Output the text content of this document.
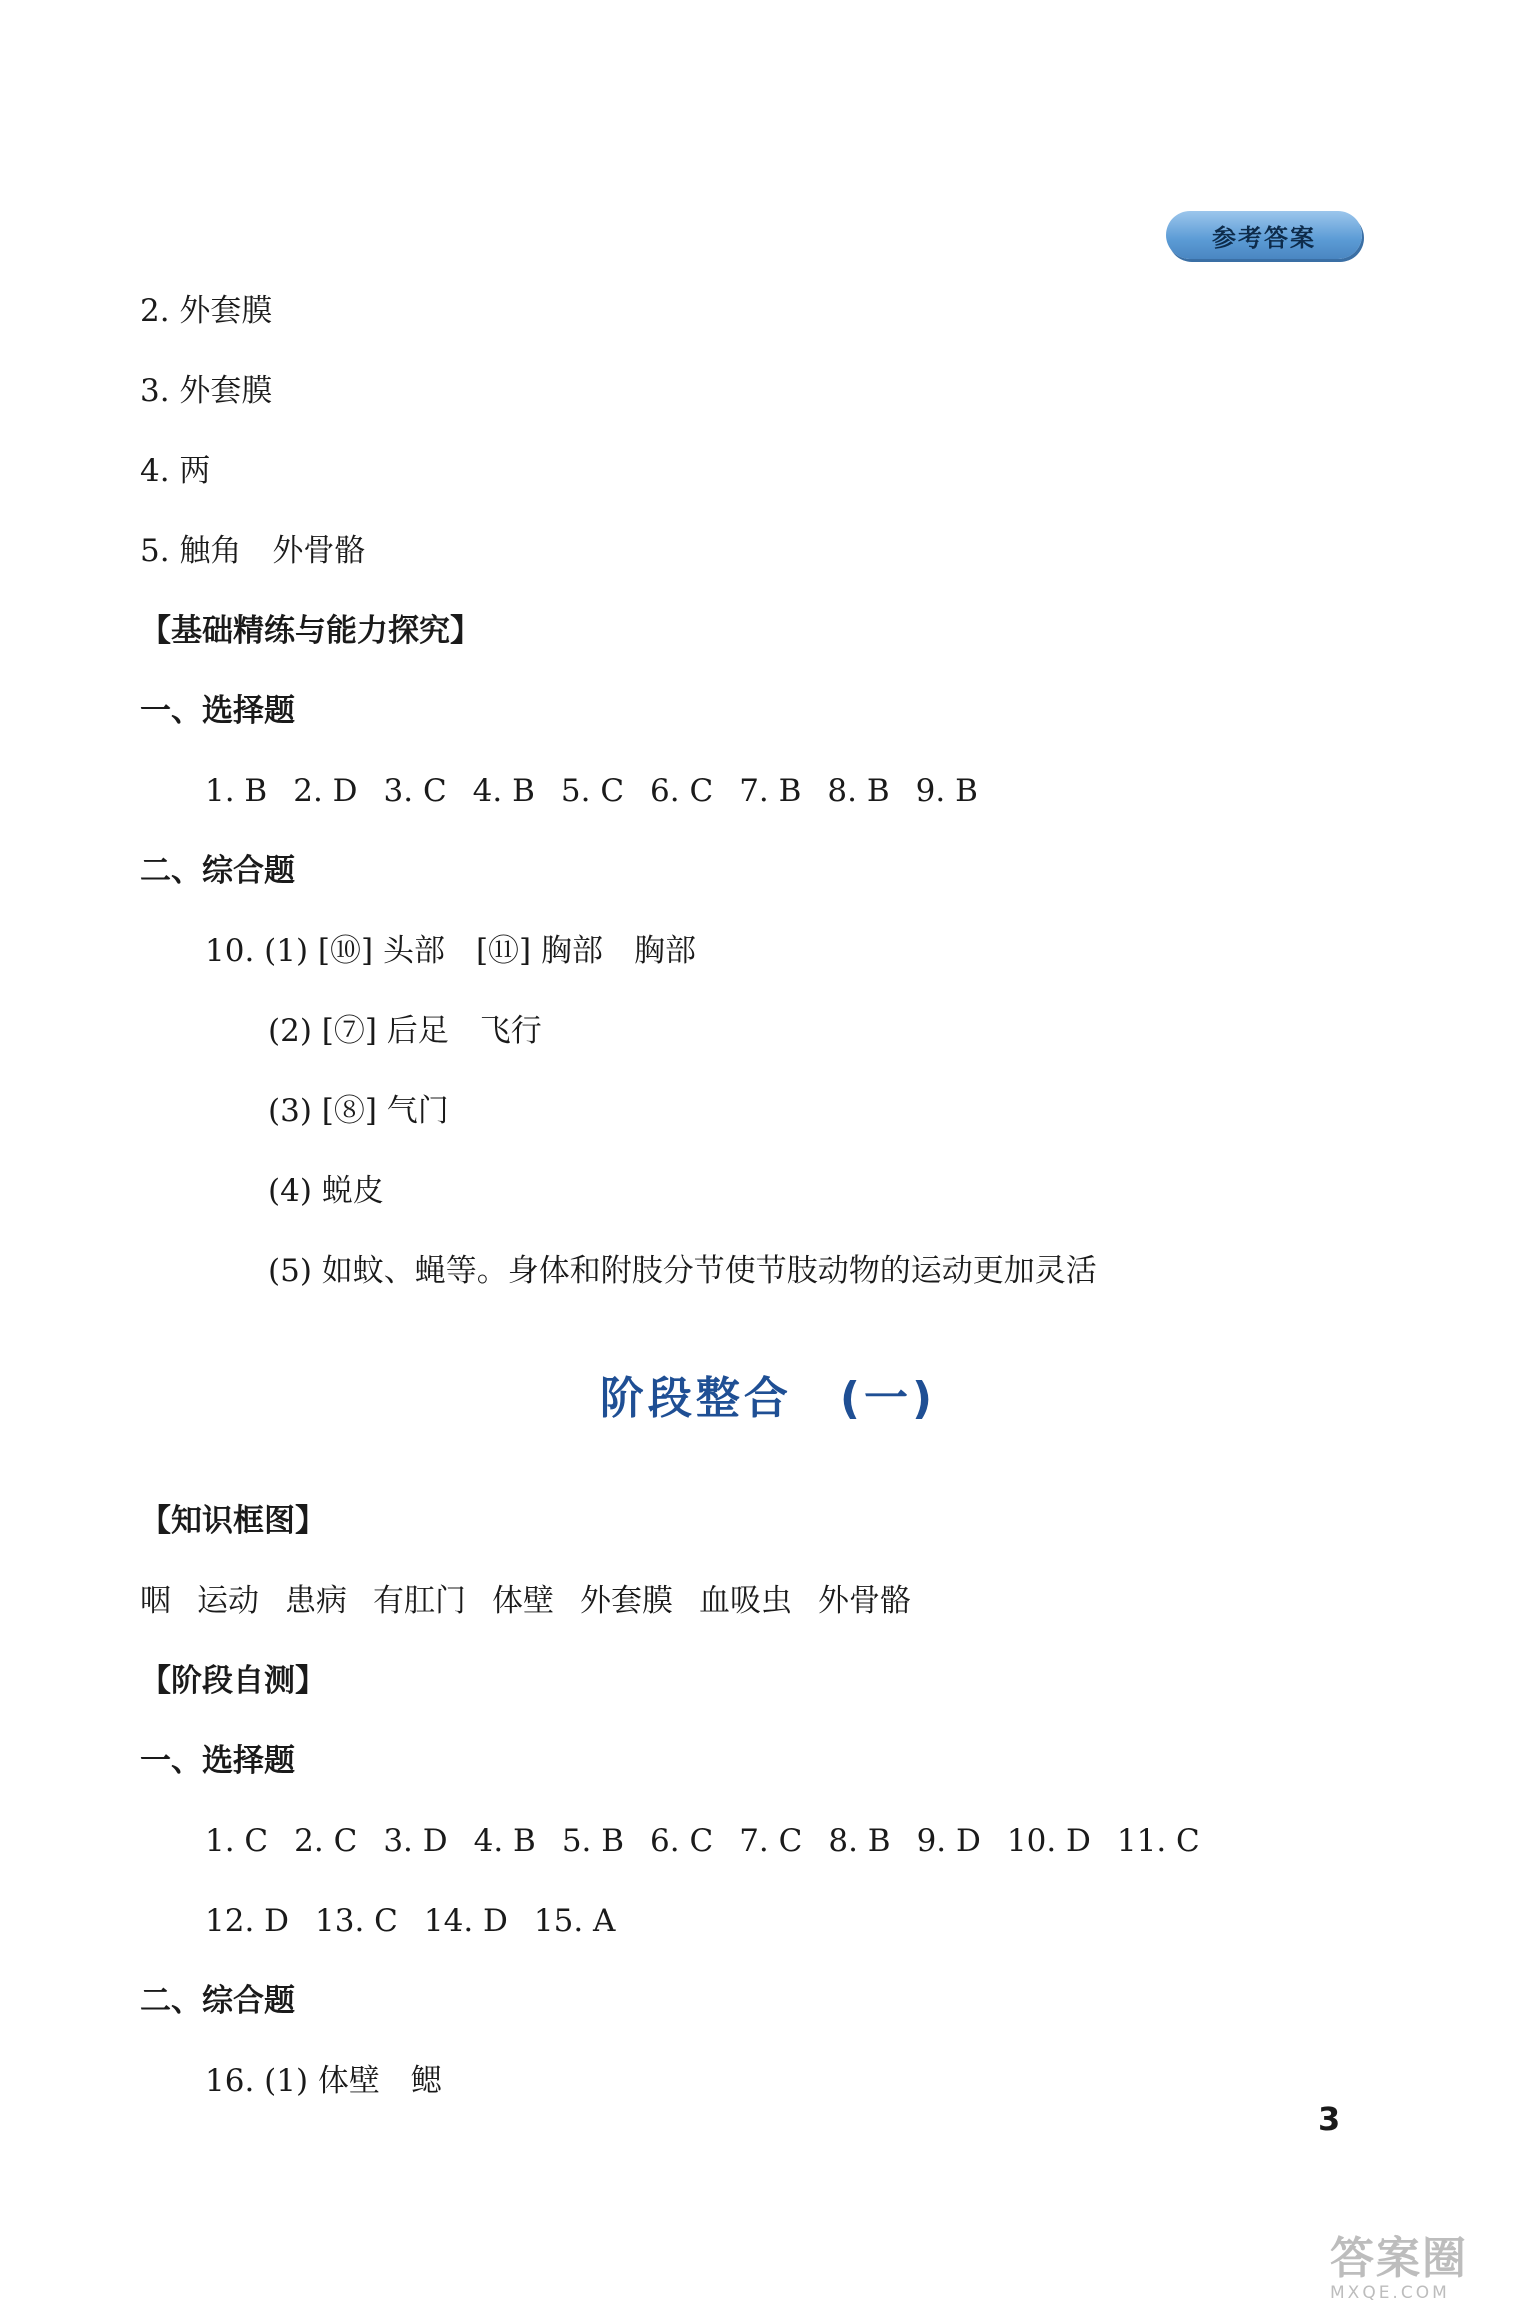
参考答案
2. 外套膜
3. 外套膜
4. 两
5. 触角　外骨骼
【基础精练与能力探究】
一、选择题
1. B 2. D 3. C 4. B 5. C 6. C 7. B 8. B 9. B
二、综合题
10. (1) [⑩] 头部　[⑪] 胸部　胸部
(2) [⑦] 后足　飞行
(3) [⑧] 气门
(4) 蜕皮
(5) 如蚊、蝇等。身体和附肢分节使节肢动物的运动更加灵活
阶段整合　(一)
【知识框图】
咽 运动 患病 有肛门 体壁 外套膜 血吸虫 外骨骼
【阶段自测】
一、选择题
1. C 2. C 3. D 4. B 5. B 6. C 7. C 8. B 9. D 10. D 11. C
12. D 13. C 14. D 15. A
二、综合题
16. (1) 体壁　鳃
3
答案圈
MXQE.COM
